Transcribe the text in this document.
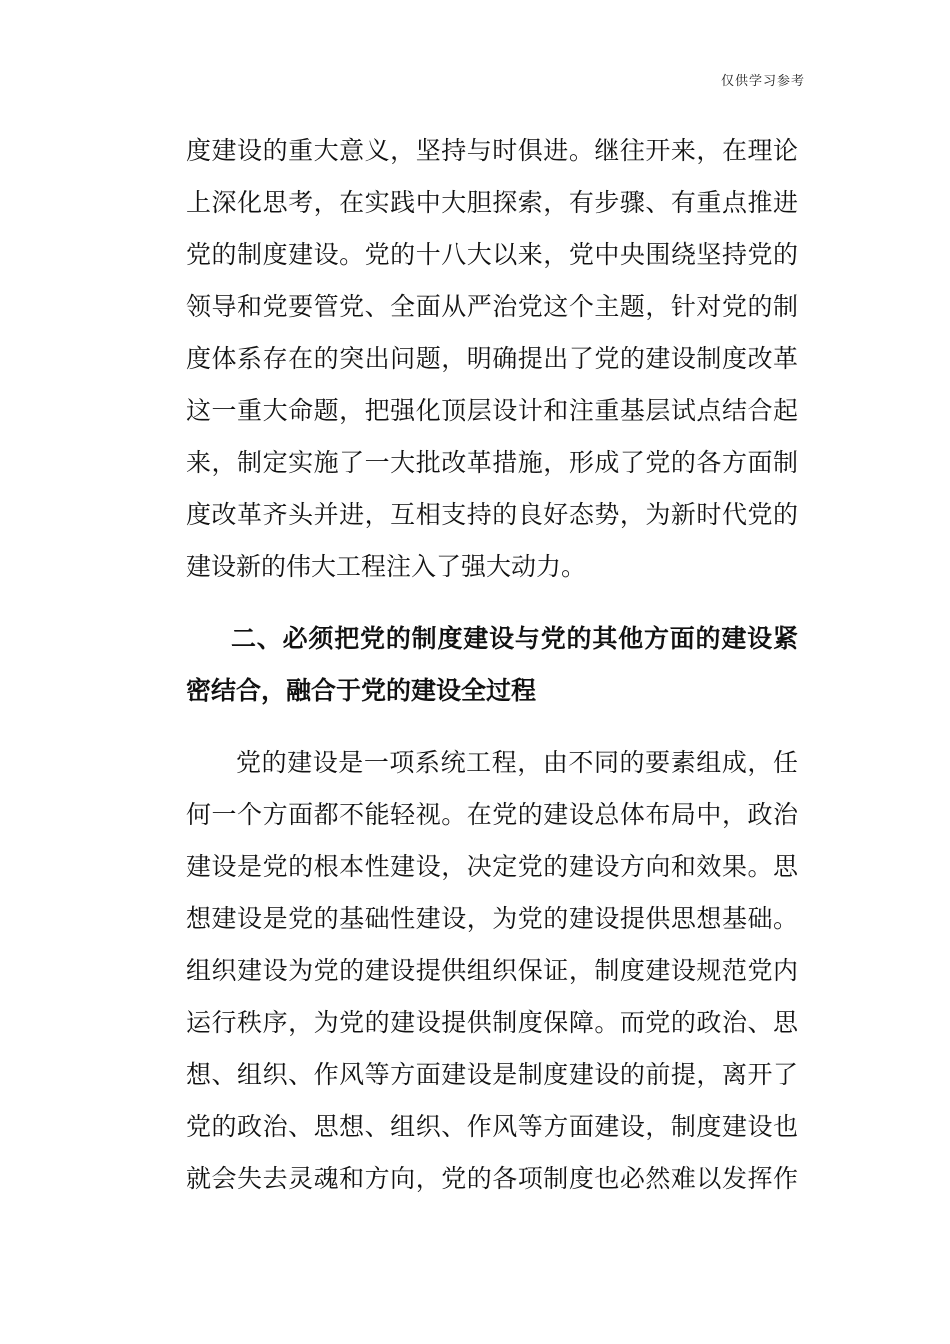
仅供学习参考
度建设的重大意义，坚持与时俱进。继往开来，在理论
上深化思考，在实践中大胆探索，有步骤、有重点推进
党的制度建设。党的十八大以来，党中央围绕坚持党的
领导和党要管党、全面从严治党这个主题，针对党的制
度体系存在的突出问题，明确提出了党的建设制度改革
这一重大命题，把强化顶层设计和注重基层试点结合起
来，制定实施了一大批改革措施，形成了党的各方面制
度改革齐头并进，互相支持的良好态势，为新时代党的
建设新的伟大工程注入了强大动力。
二、必须把党的制度建设与党的其他方面的建设紧
密结合，融合于党的建设全过程
党的建设是一项系统工程，由不同的要素组成，任
何一个方面都不能轻视。在党的建设总体布局中，政治
建设是党的根本性建设，决定党的建设方向和效果。思
想建设是党的基础性建设，为党的建设提供思想基础。
组织建设为党的建设提供组织保证，制度建设规范党内
运行秩序，为党的建设提供制度保障。而党的政治、思
想、组织、作风等方面建设是制度建设的前提，离开了
党的政治、思想、组织、作风等方面建设，制度建设也
就会失去灵魂和方向，党的各项制度也必然难以发挥作
